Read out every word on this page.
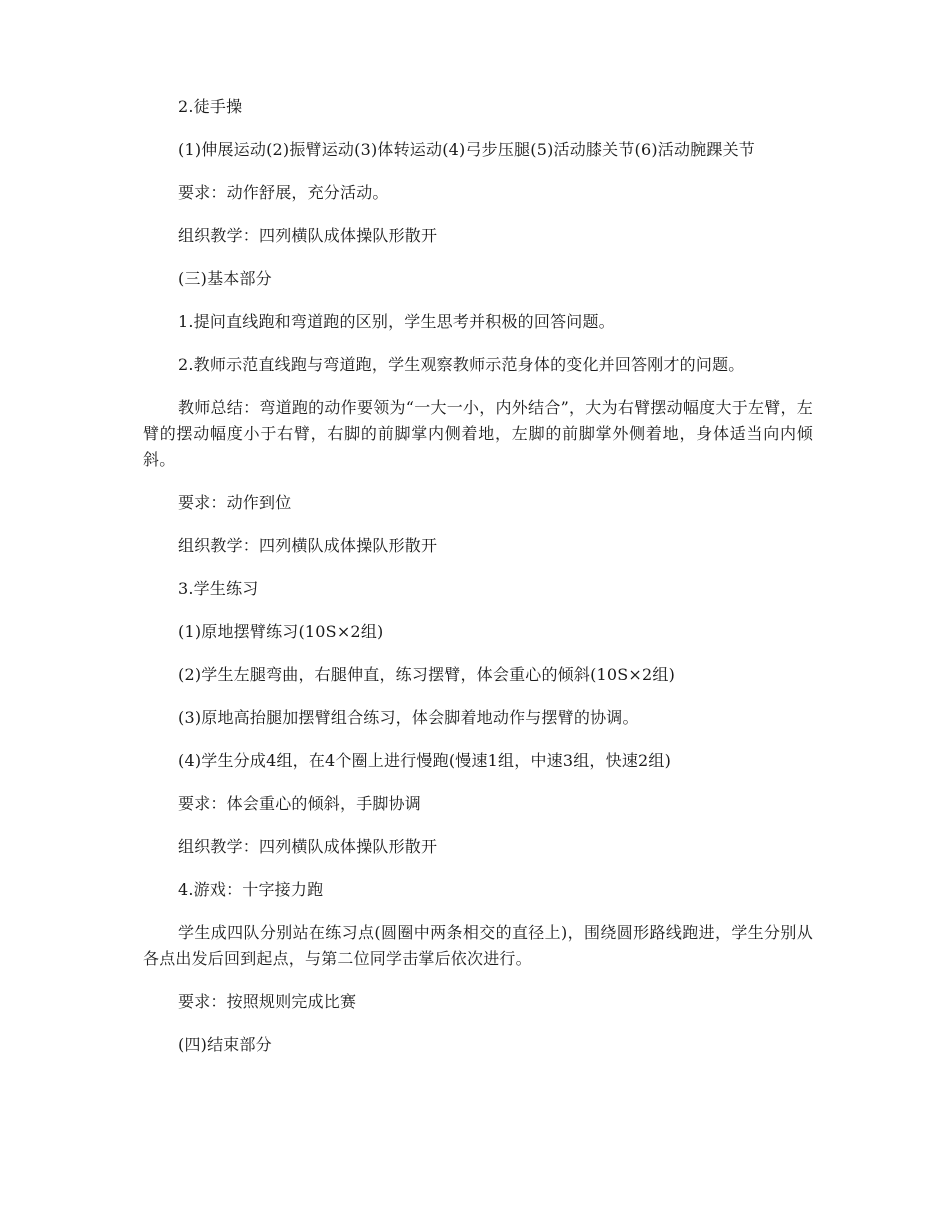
2.徒手操

(1)伸展运动(2)振臂运动(3)体转运动(4)弓步压腿(5)活动膝关节(6)活动腕踝关节

要求：动作舒展，充分活动。

组织教学：四列横队成体操队形散开

(三)基本部分

1.提问直线跑和弯道跑的区别，学生思考并积极的回答问题。

2.教师示范直线跑与弯道跑，学生观察教师示范身体的变化并回答刚才的问题。

教师总结：弯道跑的动作要领为“一大一小，内外结合”，大为右臂摆动幅度大于左臂，左臂的摆动幅度小于右臂，右脚的前脚掌内侧着地，左脚的前脚掌外侧着地，身体适当向内倾斜。

要求：动作到位

组织教学：四列横队成体操队形散开

3.学生练习

(1)原地摆臂练习(10S×2组)

(2)学生左腿弯曲，右腿伸直，练习摆臂，体会重心的倾斜(10S×2组)

(3)原地高抬腿加摆臂组合练习，体会脚着地动作与摆臂的协调。

(4)学生分成4组，在4个圈上进行慢跑(慢速1组，中速3组，快速2组)

要求：体会重心的倾斜，手脚协调

组织教学：四列横队成体操队形散开

4.游戏：十字接力跑

学生成四队分别站在练习点(圆圈中两条相交的直径上)，围绕圆形路线跑进，学生分别从各点出发后回到起点，与第二位同学击掌后依次进行。

要求：按照规则完成比赛

(四)结束部分
